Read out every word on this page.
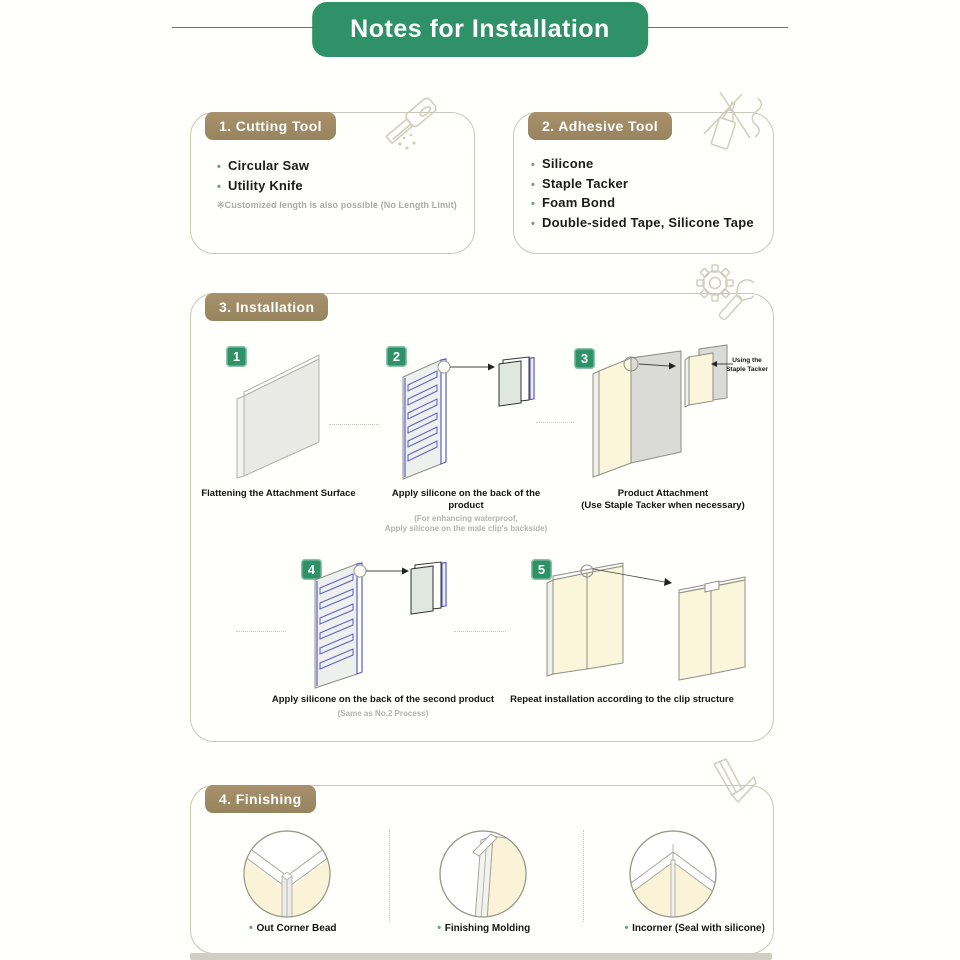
Notes for Installation
1. Cutting Tool
•Circular Saw
•Utility Knife
※Customized length is also possible (No Length Limit)
2. Adhesive Tool
•Silicone
•Staple Tacker
•Foam Bond
•Double-sided Tape, Silicone Tape
3. Installation
1	2	3
4	5
Using the
Staple Tacker
Flattening the Attachment Surface	Apply silicone on the back of the product
(For enhancing waterproof,
Apply silicone on the male clip's backside)
Product Attachment
(Use Staple Tacker when necessary)
Apply silicone on the back of the second product
(Same as No.2 Process)
Repeat installation according to the clip structure
4. Finishing
•Out Corner Bead •	Finishing Molding •	Incorner (Seal with silicone)
